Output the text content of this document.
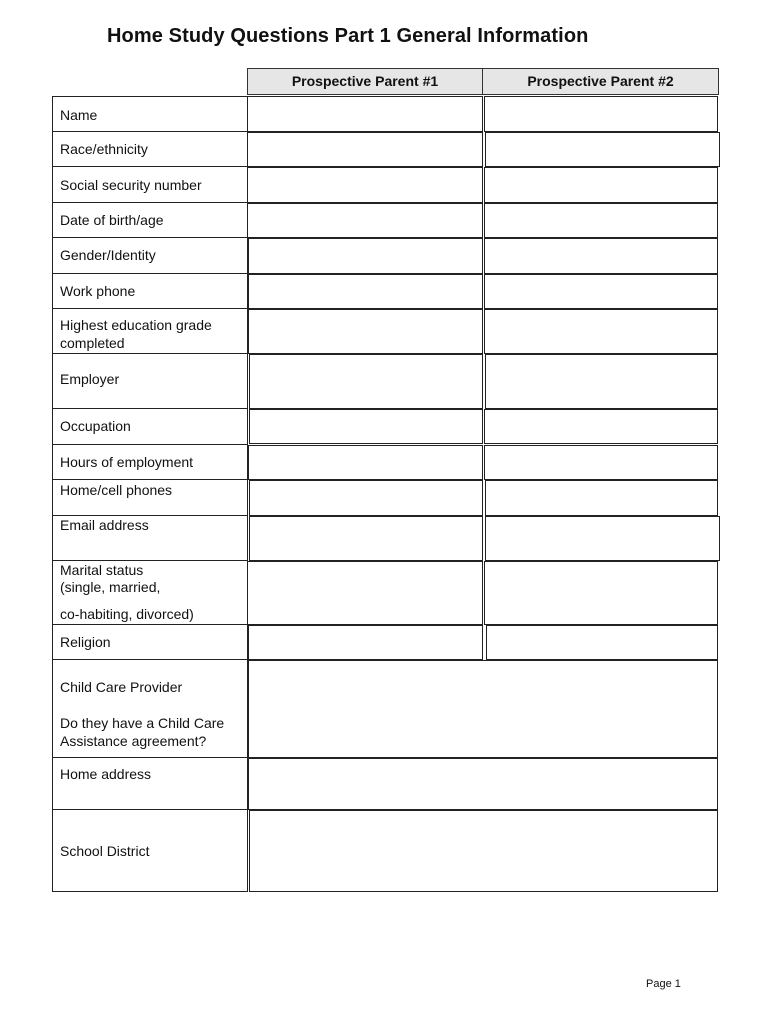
Home Study Questions Part 1 General Information
Prospective Parent #1	Prospective Parent #2
Name
Race/ethnicity
Social security number
Date of birth/age
Gender/Identity
Work phone
Highest education grade
completed
Employer
Occupation
Hours of employment
Home/cell phones
Email address
Marital status
(single, married,
co-habiting, divorced)
Religion
Child Care Provider
Do they have a Child Care
Assistance agreement?
Home address
School District
Page 1
